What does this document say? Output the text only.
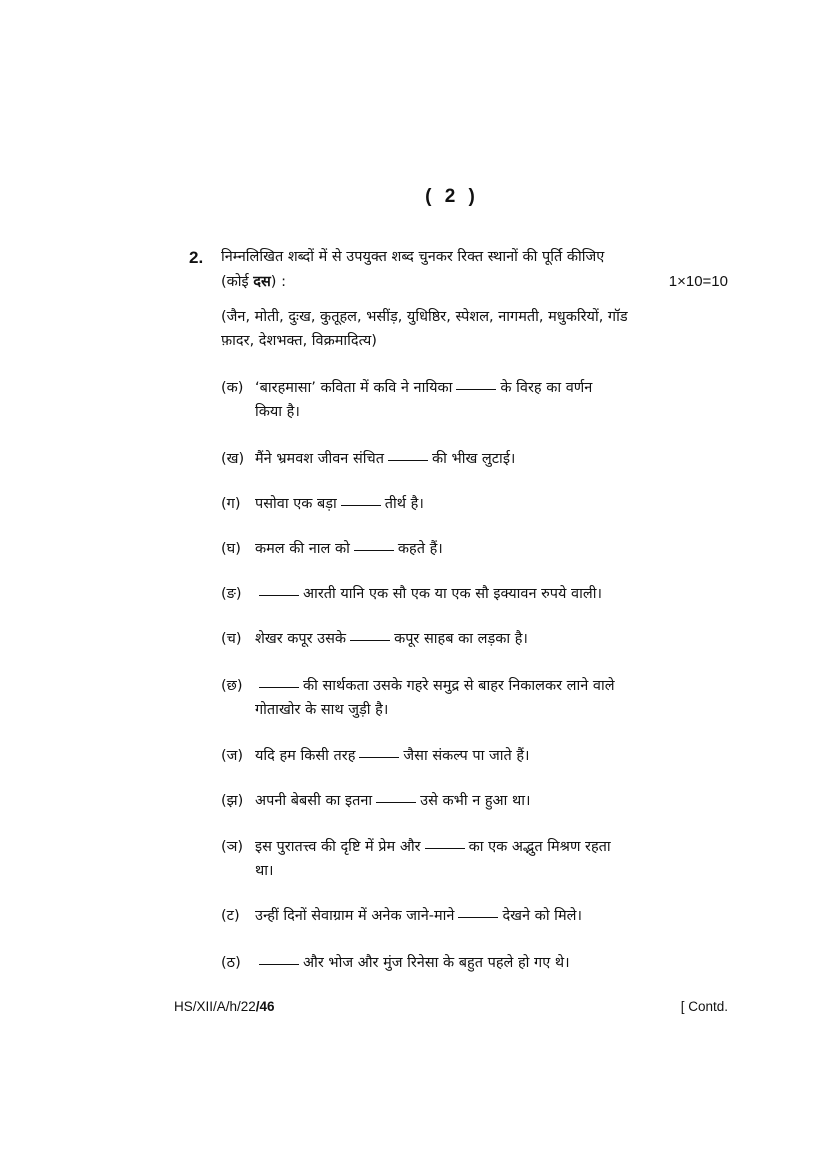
( 2 )
2. निम्नलिखित शब्दों में से उपयुक्त शब्द चुनकर रिक्त स्थानों की पूर्ति कीजिए
(कोई दस) :	1×10=10
(जैन, मोती, दुःख, कुतूहल, भसींड़, युधिष्ठिर, स्पेशल, नागमती, मधुकरियों, गॉड
फ़ादर, देशभक्त, विक्रमादित्य)
(क) ‘बारहमासा’ कविता में कवि ने नायिका	के विरह का वर्णन
किया है।
(ख) मैंने भ्रमवश जीवन संचित	की भीख लुटाई।
(ग) पसोवा एक बड़ा	तीर्थ है।
(घ) कमल की नाल को	कहते हैं।
(ङ)	आरती यानि एक सौ एक या एक सौ इक्यावन रुपये वाली।
(च) शेखर कपूर उसके	कपूर साहब का लड़का है।
(छ)	की सार्थकता उसके गहरे समुद्र से बाहर निकालकर लाने वाले
गोताखोर के साथ जुड़ी है।
(ज) यदि हम किसी तरह	जैसा संकल्प पा जाते हैं।
(झ) अपनी बेबसी का इतना	उसे कभी न हुआ था।
(ञ) इस पुरातत्त्व की दृष्टि में प्रेम और	का एक अद्भुत मिश्रण रहता
था।
(ट) उन्हीं दिनों सेवाग्राम में अनेक जाने-माने	देखने को मिले।
(ठ)	और भोज और मुंज रिनेसा के बहुत पहले हो गए थे।
HS/XII/A/h/22/46	[ Contd.
